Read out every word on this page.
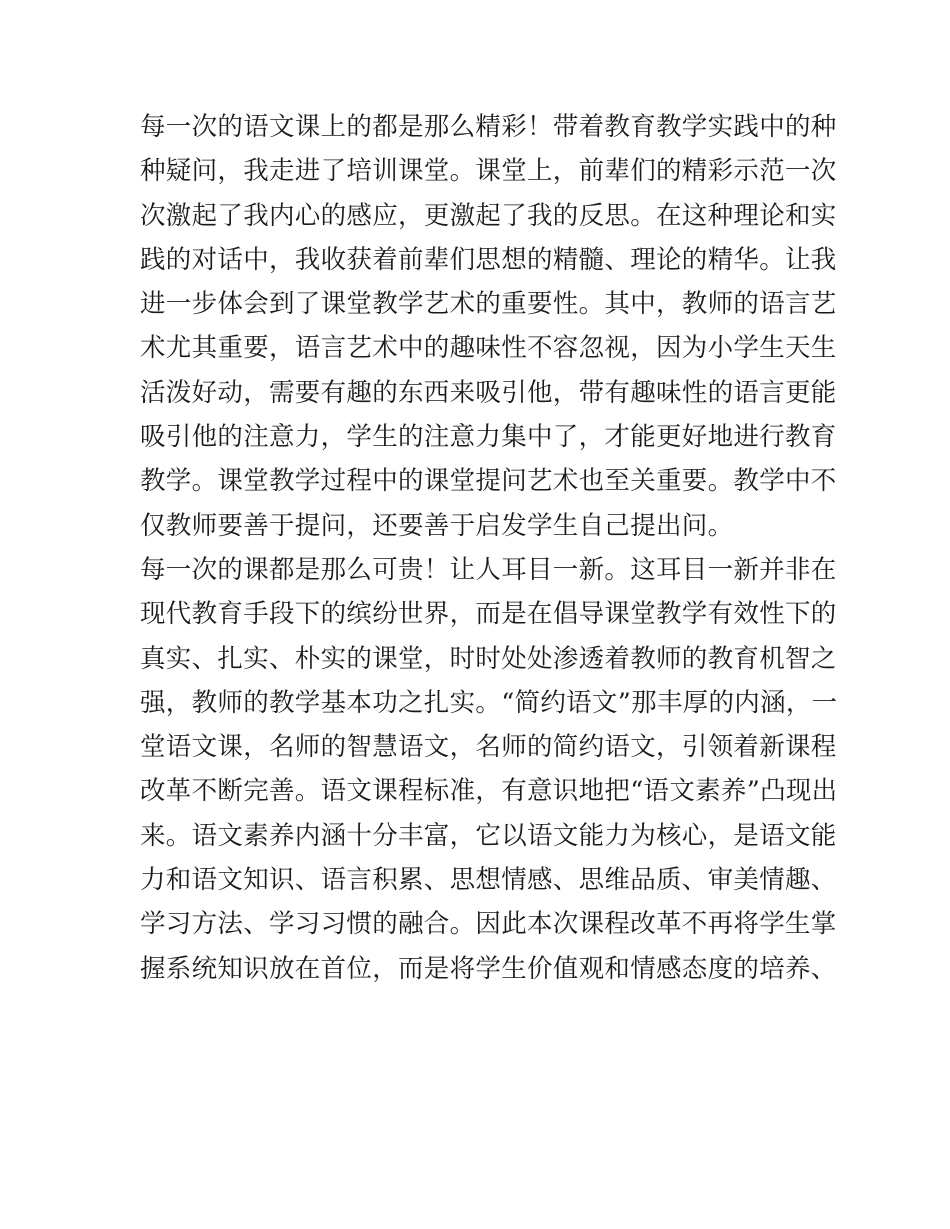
每一次的语文课上的都是那么精彩！带着教育教学实践中的种
种疑问，我走进了培训课堂。课堂上，前辈们的精彩示范一次
次激起了我内心的感应，更激起了我的反思。在这种理论和实
践的对话中，我收获着前辈们思想的精髓、理论的精华。让我
进一步体会到了课堂教学艺术的重要性。其中，教师的语言艺
术尤其重要，语言艺术中的趣味性不容忽视，因为小学生天生
活泼好动，需要有趣的东西来吸引他，带有趣味性的语言更能
吸引他的注意力，学生的注意力集中了，才能更好地进行教育
教学。课堂教学过程中的课堂提问艺术也至关重要。教学中不
仅教师要善于提问，还要善于启发学生自己提出问。
每一次的课都是那么可贵！让人耳目一新。这耳目一新并非在
现代教育手段下的缤纷世界，而是在倡导课堂教学有效性下的
真实、扎实、朴实的课堂，时时处处渗透着教师的教育机智之
强，教师的教学基本功之扎实。“简约语文”那丰厚的内涵，一
堂语文课，名师的智慧语文，名师的简约语文，引领着新课程
改革不断完善。语文课程标准，有意识地把“语文素养”凸现出
来。语文素养内涵十分丰富，它以语文能力为核心，是语文能
力和语文知识、语言积累、思想情感、思维品质、审美情趣、
学习方法、学习习惯的融合。因此本次课程改革不再将学生掌
握系统知识放在首位，而是将学生价值观和情感态度的培养、
